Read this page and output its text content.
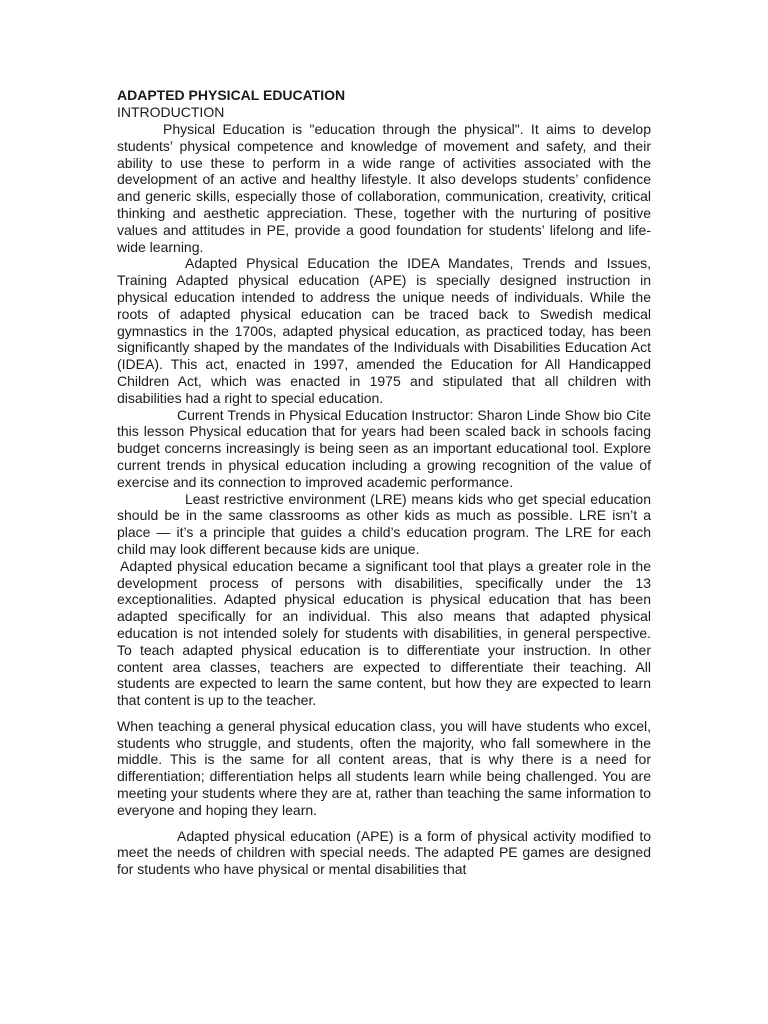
ADAPTED PHYSICAL EDUCATION
INTRODUCTION

Physical Education is "education through the physical". It aims to develop students’ physical competence and knowledge of movement and safety, and their ability to use these to perform in a wide range of activities associated with the development of an active and healthy lifestyle. It also develops students’ confidence and generic skills, especially those of collaboration, communication, creativity, critical thinking and aesthetic appreciation. These, together with the nurturing of positive values and attitudes in PE, provide a good foundation for students’ lifelong and life-wide learning.

Adapted Physical Education the IDEA Mandates, Trends and Issues, Training Adapted physical education (APE) is specially designed instruction in physical education intended to address the unique needs of individuals. While the roots of adapted physical education can be traced back to Swedish medical gymnastics in the 1700s, adapted physical education, as practiced today, has been significantly shaped by the mandates of the Individuals with Disabilities Education Act (IDEA). This act, enacted in 1997, amended the Education for All Handicapped Children Act, which was enacted in 1975 and stipulated that all children with disabilities had a right to special education.

Current Trends in Physical Education Instructor: Sharon Linde Show bio Cite this lesson Physical education that for years had been scaled back in schools facing budget concerns increasingly is being seen as an important educational tool. Explore current trends in physical education including a growing recognition of the value of exercise and its connection to improved academic performance.

Least restrictive environment (LRE) means kids who get special education should be in the same classrooms as other kids as much as possible. LRE isn’t a place — it’s a principle that guides a child’s education program. The LRE for each child may look different because kids are unique.

Adapted physical education became a significant tool that plays a greater role in the development process of persons with disabilities, specifically under the 13 exceptionalities. Adapted physical education is physical education that has been adapted specifically for an individual. This also means that adapted physical education is not intended solely for students with disabilities, in general perspective. To teach adapted physical education is to differentiate your instruction. In other content area classes, teachers are expected to differentiate their teaching. All students are expected to learn the same content, but how they are expected to learn that content is up to the teacher.

When teaching a general physical education class, you will have students who excel, students who struggle, and students, often the majority, who fall somewhere in the middle. This is the same for all content areas, that is why there is a need for differentiation; differentiation helps all students learn while being challenged. You are meeting your students where they are at, rather than teaching the same information to everyone and hoping they learn.

Adapted physical education (APE) is a form of physical activity modified to meet the needs of children with special needs. The adapted PE games are designed for students who have physical or mental disabilities that
